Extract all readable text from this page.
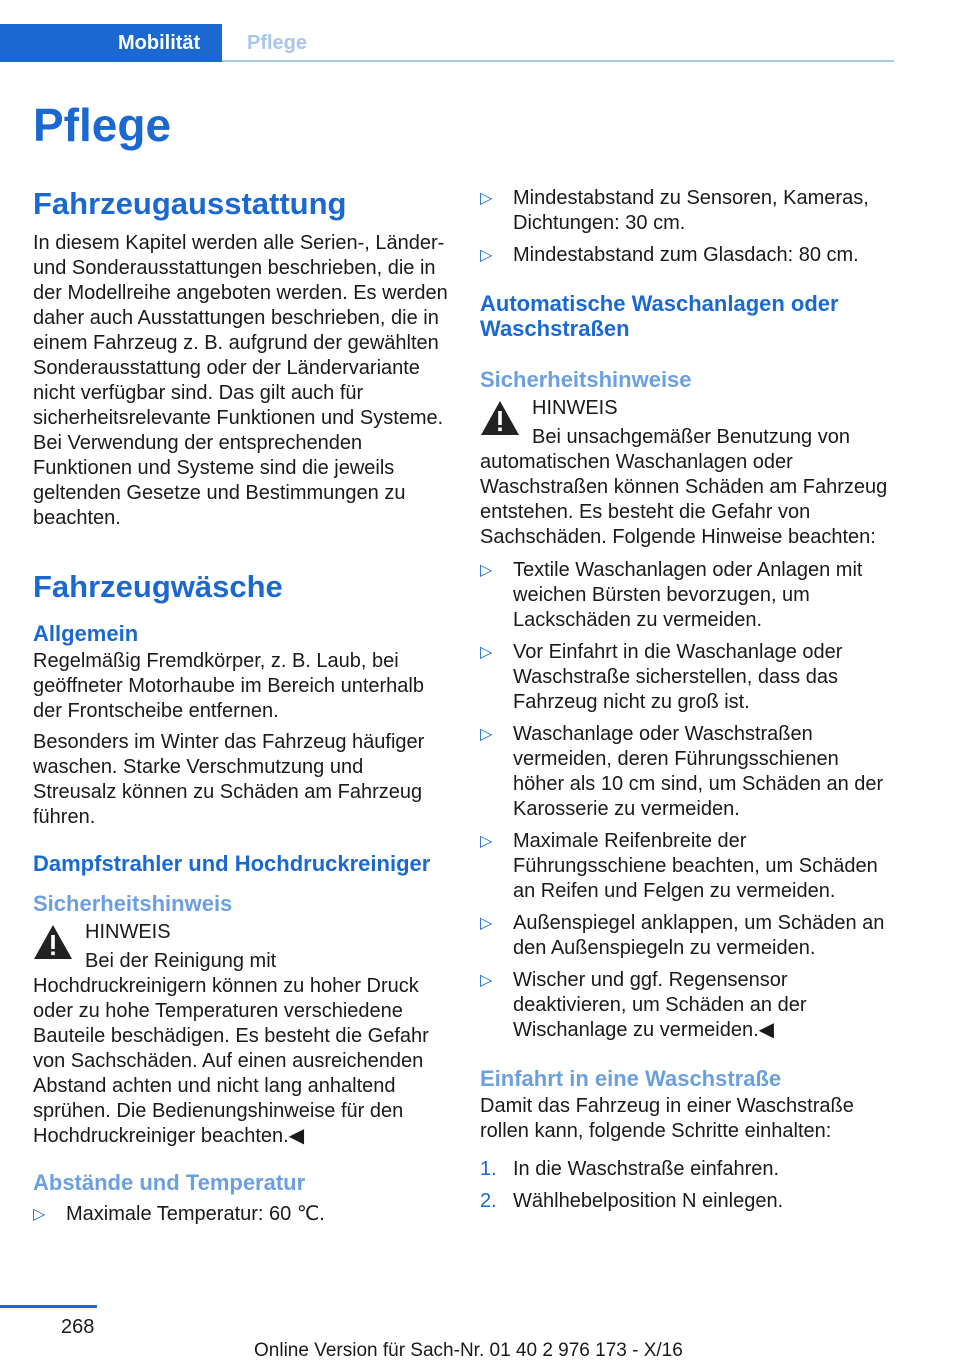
Mobilität	Pflege
Pflege
Fahrzeugausstattung

In diesem Kapitel werden alle Serien-, Länder- und Sonderausstattungen beschrieben, die in der Modellreihe angeboten werden. Es werden daher auch Ausstattungen beschrieben, die in einem Fahrzeug z. B. aufgrund der gewählten Sonderausstattung oder der Ländervariante nicht verfügbar sind. Das gilt auch für sicherheitsrelevante Funktionen und Systeme. Bei Verwendung der entsprechenden Funktionen und Systeme sind die jeweils geltenden Gesetze und Bestimmungen zu beachten.

Fahrzeugwäsche
Allgemein

Regelmäßig Fremdkörper, z. B. Laub, bei geöffneter Motorhaube im Bereich unterhalb der Frontscheibe entfernen.

Besonders im Winter das Fahrzeug häufiger waschen. Starke Verschmutzung und Streusalz können zu Schäden am Fahrzeug führen.

Dampfstrahler und Hochdruckreiniger
Sicherheitshinweis
HINWEIS
Bei der Reinigung mit Hochdruckreinigern können zu hoher Druck oder zu hohe Temperaturen verschiedene Bauteile beschädigen. Es besteht die Gefahr von Sachschäden. Auf einen ausreichenden Abstand achten und nicht lang anhaltend sprühen. Die Bedienungshinweise für den Hochdruckreiniger beachten.◀
Abstände und Temperatur
▷ Maximale Temperatur: 60 ℃.
▷ Mindestabstand zu Sensoren, Kameras, Dichtungen: 30 cm.
▷ Mindestabstand zum Glasdach: 80 cm.
Automatische Waschanlagen oder Waschstraßen
Sicherheitshinweise
HINWEIS
Bei unsachgemäßer Benutzung von automatischen Waschanlagen oder Waschstraßen können Schäden am Fahrzeug entstehen. Es besteht die Gefahr von Sachschäden. Folgende Hinweise beachten:
▷ Textile Waschanlagen oder Anlagen mit weichen Bürsten bevorzugen, um Lackschäden zu vermeiden.
▷ Vor Einfahrt in die Waschanlage oder Waschstraße sicherstellen, dass das Fahrzeug nicht zu groß ist.
▷ Waschanlage oder Waschstraßen vermeiden, deren Führungsschienen höher als 10 cm sind, um Schäden an der Karosserie zu vermeiden.
▷ Maximale Reifenbreite der Führungsschiene beachten, um Schäden an Reifen und Felgen zu vermeiden.
▷ Außenspiegel anklappen, um Schäden an den Außenspiegeln zu vermeiden.
▷ Wischer und ggf. Regensensor deaktivieren, um Schäden an der Wischanlage zu vermeiden.◀
Einfahrt in eine Waschstraße

Damit das Fahrzeug in einer Waschstraße rollen kann, folgende Schritte einhalten:

1. In die Waschstraße einfahren.
2. Wählhebelposition N einlegen.
268
Online Version für Sach-Nr. 01 40 2 976 173 - X/16
